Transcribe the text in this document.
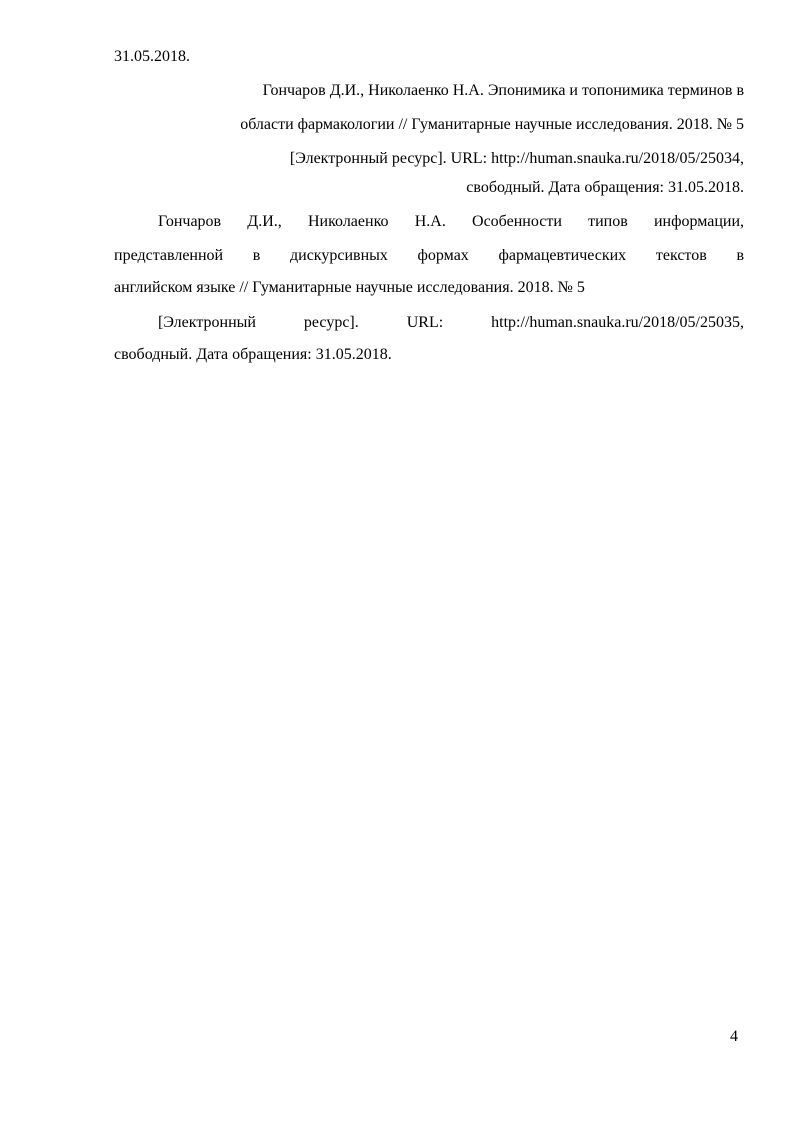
31.05.2018.
Гончаров Д.И., Николаенко Н.А. Эпонимика и топонимика терминов в
области фармакологии // Гуманитарные научные исследования. 2018. № 5
[Электронный ресурс]. URL: http://human.snauka.ru/2018/05/25034,
свободный. Дата обращения: 31.05.2018.
Гончаров Д.И., Николаенко Н.А. Особенности типов информации,
представленной в дискурсивных формах фармацевтических текстов в
английском языке // Гуманитарные научные исследования. 2018. № 5
[Электронный ресурс]. URL: http://human.snauka.ru/2018/05/25035,
свободный. Дата обращения: 31.05.2018.
4
